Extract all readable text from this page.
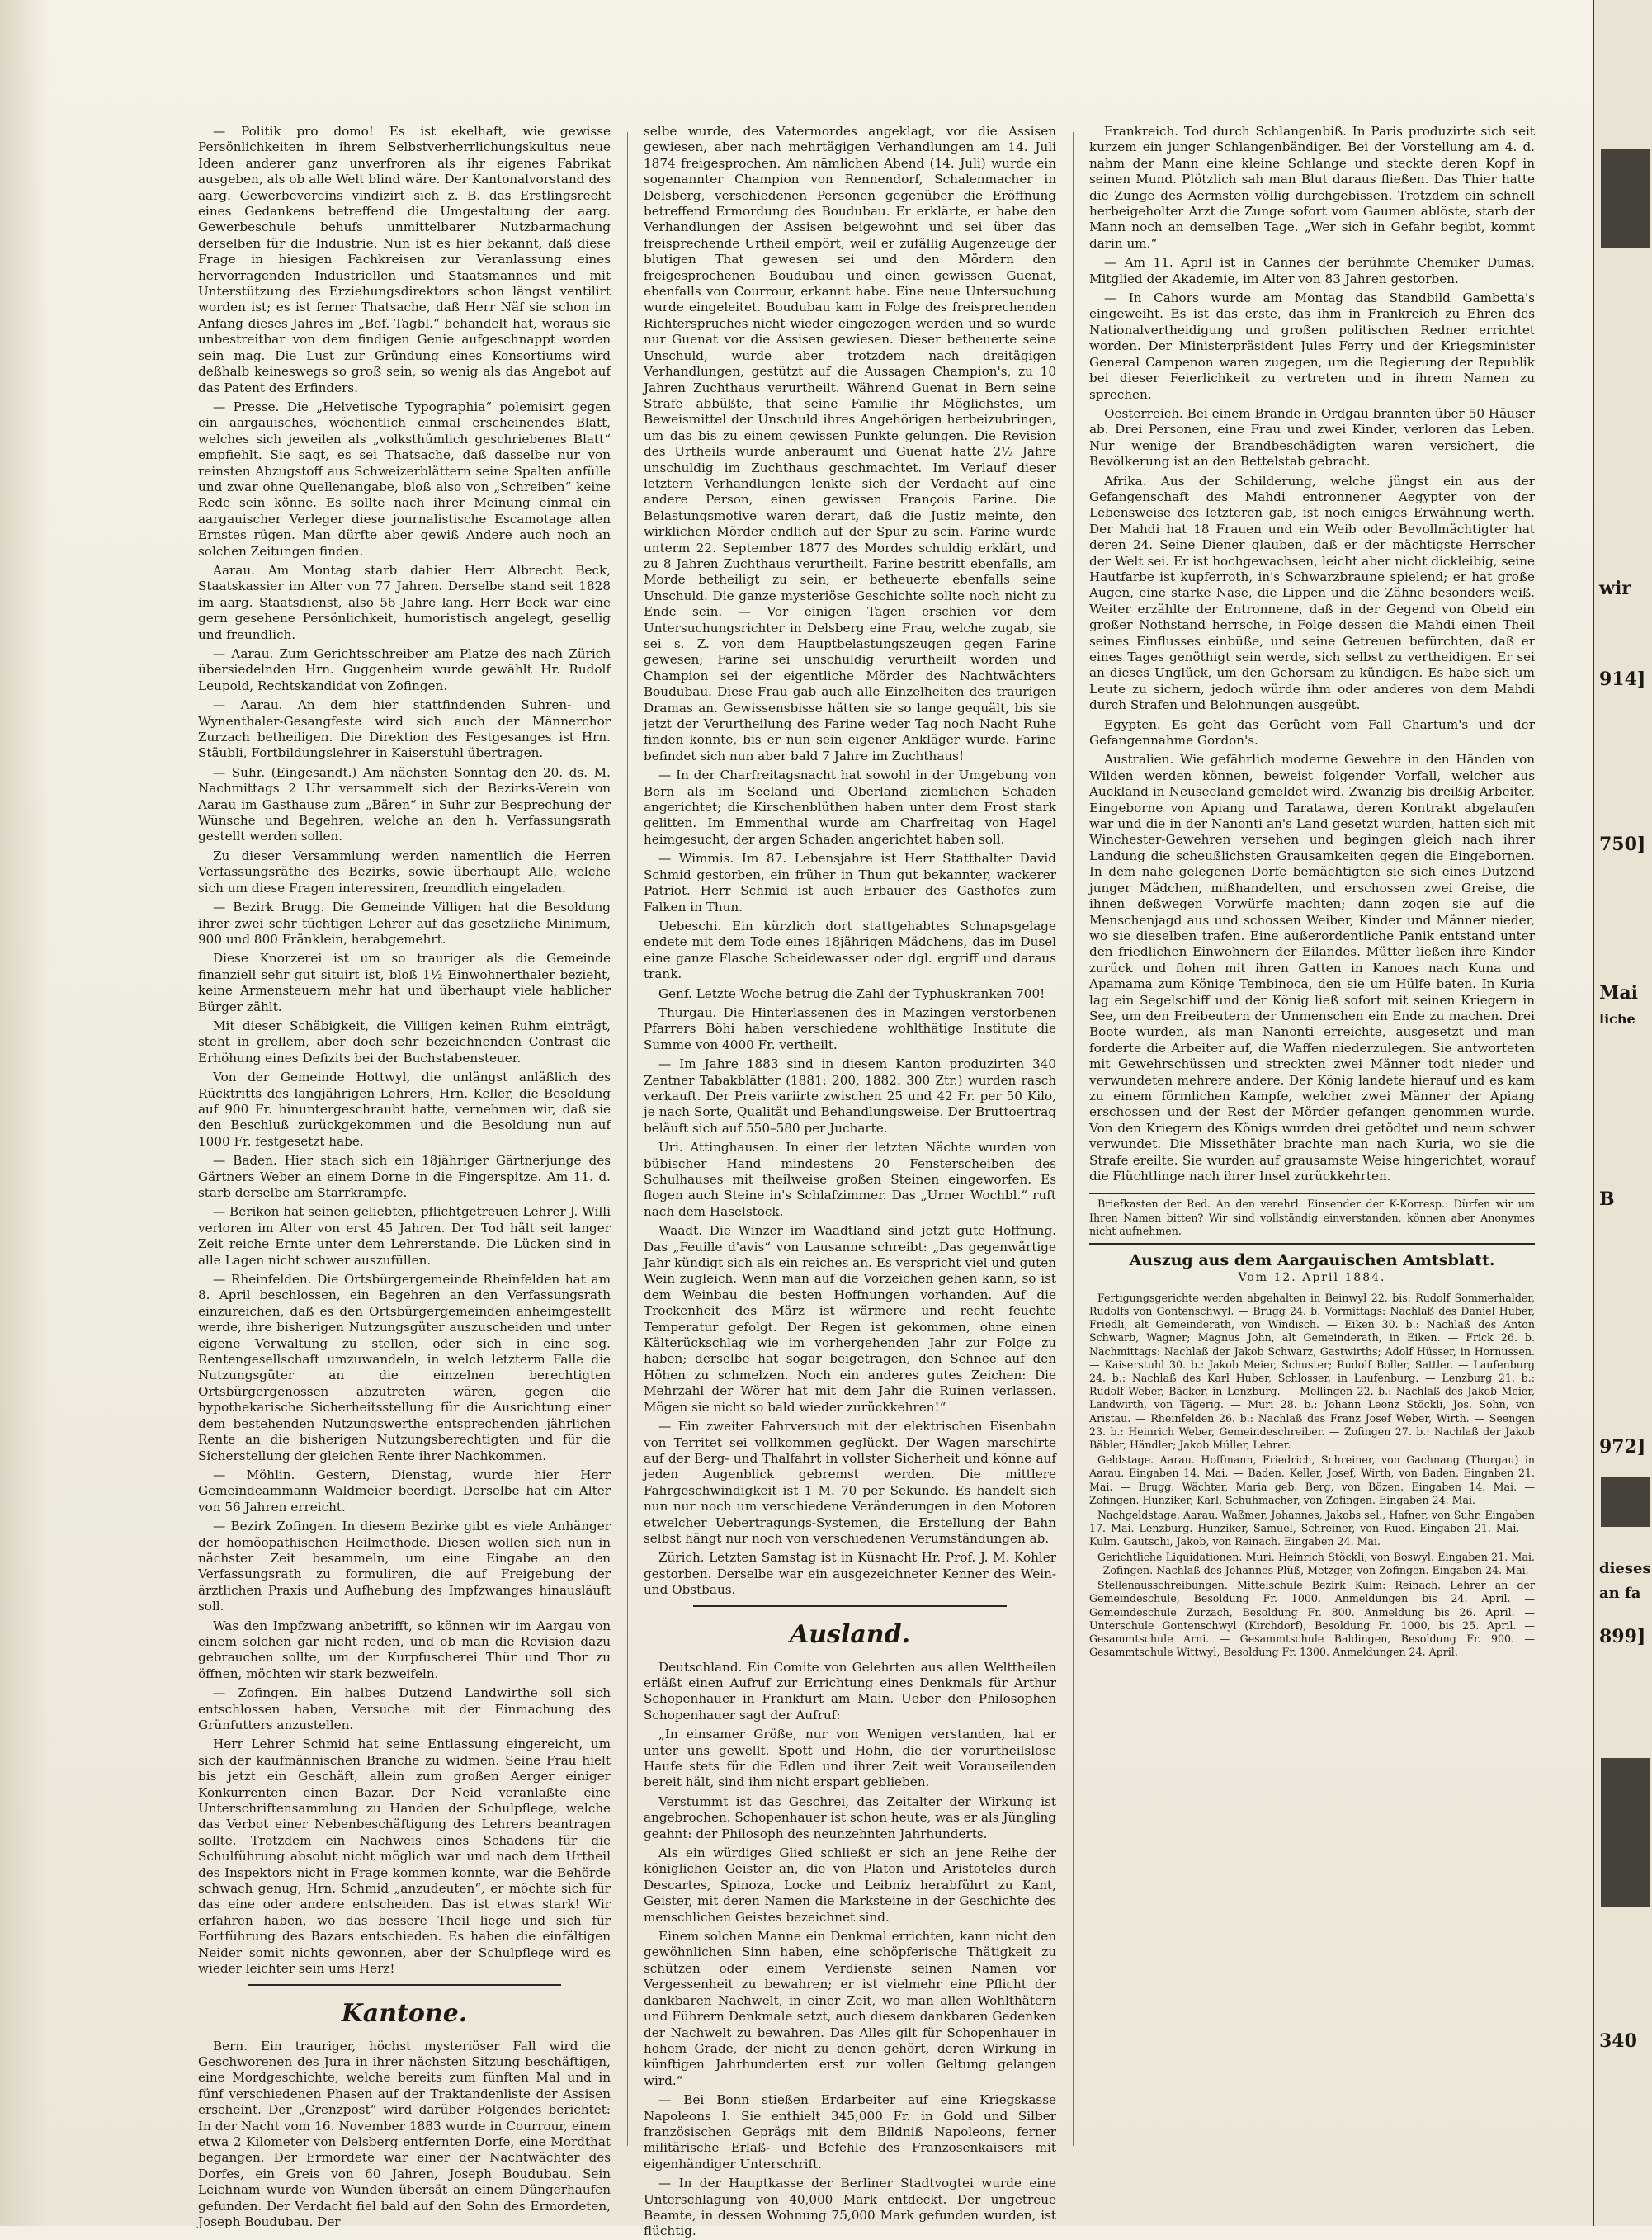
— Politik pro domo! Es ist ekelhaft, wie gewisse Persönlichkeiten in ihrem Selbstverherrlichungskultus neue Ideen anderer ganz unverfroren als ihr eigenes Fabrikat ausgeben, als ob alle Welt blind wäre. Der Kantonalvorstand des aarg. Gewerbevereins vindizirt sich z. B. das Erstlingsrecht eines Gedankens betreffend die Umgestaltung der aarg. Gewerbeschule behufs unmittelbarer Nutzbarmachung derselben für die Industrie. Nun ist es hier bekannt, daß diese Frage in hiesigen Fachkreisen zur Veranlassung eines hervorragenden Industriellen und Staatsmannes und mit Unterstützung des Erziehungsdirektors schon längst ventilirt worden ist; es ist ferner Thatsache, daß Herr Näf sie schon im Anfang dieses Jahres im „Bof. Tagbl.“ behandelt hat, woraus sie unbestreitbar von dem findigen Genie aufgeschnappt worden sein mag. Die Lust zur Gründung eines Konsortiums wird deßhalb keineswegs so groß sein, so wenig als das Angebot auf das Patent des Erfinders.

— Presse. Die „Helvetische Typographia“ polemisirt gegen ein aargauisches, wöchentlich einmal erscheinendes Blatt, welches sich jeweilen als „volksthümlich geschriebenes Blatt“ empfiehlt. Sie sagt, es sei Thatsache, daß dasselbe nur von reinsten Abzugstoff aus Schweizerblättern seine Spalten anfülle und zwar ohne Quellenangabe, bloß also von „Schreiben“ keine Rede sein könne. Es sollte nach ihrer Meinung einmal ein aargauischer Verleger diese journalistische Escamotage allen Ernstes rügen. Man dürfte aber gewiß Andere auch noch an solchen Zeitungen finden.

Aarau. Am Montag starb dahier Herr Albrecht Beck, Staatskassier im Alter von 77 Jahren. Derselbe stand seit 1828 im aarg. Staatsdienst, also 56 Jahre lang. Herr Beck war eine gern gesehene Persönlichkeit, humoristisch angelegt, gesellig und freundlich.

— Aarau. Zum Gerichtsschreiber am Platze des nach Zürich übersiedelnden Hrn. Guggenheim wurde gewählt Hr. Rudolf Leupold, Rechtskandidat von Zofingen.

— Aarau. An dem hier stattfindenden Suhren- und Wynenthaler-Gesangfeste wird sich auch der Männerchor Zurzach betheiligen. Die Direktion des Festgesanges ist Hrn. Stäubli, Fortbildungslehrer in Kaiserstuhl übertragen.

— Suhr. (Eingesandt.) Am nächsten Sonntag den 20. ds. M. Nachmittags 2 Uhr versammelt sich der Bezirks-Verein von Aarau im Gasthause zum „Bären“ in Suhr zur Besprechung der Wünsche und Begehren, welche an den h. Verfassungsrath gestellt werden sollen.

Zu dieser Versammlung werden namentlich die Herren Verfassungsräthe des Bezirks, sowie überhaupt Alle, welche sich um diese Fragen interessiren, freundlich eingeladen.

— Bezirk Brugg. Die Gemeinde Villigen hat die Besoldung ihrer zwei sehr tüchtigen Lehrer auf das gesetzliche Minimum, 900 und 800 Fränklein, herabgemehrt.

Diese Knorzerei ist um so trauriger als die Gemeinde finanziell sehr gut situirt ist, bloß 1½ Einwohnerthaler bezieht, keine Armensteuern mehr hat und überhaupt viele hablicher Bürger zählt.

Mit dieser Schäbigkeit, die Villigen keinen Ruhm einträgt, steht in grellem, aber doch sehr bezeichnenden Contrast die Erhöhung eines Defizits bei der Buchstabensteuer.

Von der Gemeinde Hottwyl, die unlängst anläßlich des Rücktritts des langjährigen Lehrers, Hrn. Keller, die Besoldung auf 900 Fr. hinuntergeschraubt hatte, vernehmen wir, daß sie den Beschluß zurückgekommen und die Besoldung nun auf 1000 Fr. festgesetzt habe.

— Baden. Hier stach sich ein 18jähriger Gärtnerjunge des Gärtners Weber an einem Dorne in die Fingerspitze. Am 11. d. starb derselbe am Starrkrampfe.

— Berikon hat seinen geliebten, pflichtgetreuen Lehrer J. Willi verloren im Alter von erst 45 Jahren. Der Tod hält seit langer Zeit reiche Ernte unter dem Lehrerstande. Die Lücken sind in alle Lagen nicht schwer auszufüllen.

— Rheinfelden. Die Ortsbürgergemeinde Rheinfelden hat am 8. April beschlossen, ein Begehren an den Verfassungsrath einzureichen, daß es den Ortsbürgergemeinden anheimgestellt werde, ihre bisherigen Nutzungsgüter auszuscheiden und unter eigene Verwaltung zu stellen, oder sich in eine sog. Rentengesellschaft umzuwandeln, in welch letzterm Falle die Nutzungsgüter an die einzelnen berechtigten Ortsbürgergenossen abzutreten wären, gegen die hypothekarische Sicherheitsstellung für die Ausrichtung einer dem bestehenden Nutzungswerthe entsprechenden jährlichen Rente an die bisherigen Nutzungsberechtigten und für die Sicherstellung der gleichen Rente ihrer Nachkommen.

— Möhlin. Gestern, Dienstag, wurde hier Herr Gemeindeammann Waldmeier beerdigt. Derselbe hat ein Alter von 56 Jahren erreicht.

— Bezirk Zofingen. In diesem Bezirke gibt es viele Anhänger der homöopathischen Heilmethode. Diesen wollen sich nun in nächster Zeit besammeln, um eine Eingabe an den Verfassungsrath zu formuliren, die auf Freigebung der ärztlichen Praxis und Aufhebung des Impfzwanges hinausläuft soll.

Was den Impfzwang anbetrifft, so können wir im Aargau von einem solchen gar nicht reden, und ob man die Revision dazu gebrauchen sollte, um der Kurpfuscherei Thür und Thor zu öffnen, möchten wir stark bezweifeln.

— Zofingen. Ein halbes Dutzend Landwirthe soll sich entschlossen haben, Versuche mit der Einmachung des Grünfutters anzustellen.

Herr Lehrer Schmid hat seine Entlassung eingereicht, um sich der kaufmännischen Branche zu widmen. Seine Frau hielt bis jetzt ein Geschäft, allein zum großen Aerger einiger Konkurrenten einen Bazar. Der Neid veranlaßte eine Unterschriftensammlung zu Handen der Schulpflege, welche das Verbot einer Nebenbeschäftigung des Lehrers beantragen sollte. Trotzdem ein Nachweis eines Schadens für die Schulführung absolut nicht möglich war und nach dem Urtheil des Inspektors nicht in Frage kommen konnte, war die Behörde schwach genug, Hrn. Schmid „anzudeuten“, er möchte sich für das eine oder andere entscheiden. Das ist etwas stark! Wir erfahren haben, wo das bessere Theil liege und sich für Fortführung des Bazars entschieden. Es haben die einfältigen Neider somit nichts gewonnen, aber der Schulpflege wird es wieder leichter sein ums Herz!

Kantone.

Bern. Ein trauriger, höchst mysteriöser Fall wird die Geschworenen des Jura in ihrer nächsten Sitzung beschäftigen, eine Mordgeschichte, welche bereits zum fünften Mal und in fünf verschiedenen Phasen auf der Traktandenliste der Assisen erscheint. Der „Grenzpost“ wird darüber Folgendes berichtet: In der Nacht vom 16. November 1883 wurde in Courrour, einem etwa 2 Kilometer von Delsberg entfernten Dorfe, eine Mordthat begangen. Der Ermordete war einer der Nachtwächter des Dorfes, ein Greis von 60 Jahren, Joseph Boudubau. Sein Leichnam wurde von Wunden übersät an einem Düngerhaufen gefunden. Der Verdacht fiel bald auf den Sohn des Ermordeten, Joseph Boudubau. Der

selbe wurde, des Vatermordes angeklagt, vor die Assisen gewiesen, aber nach mehrtägigen Verhandlungen am 14. Juli 1874 freigesprochen. Am nämlichen Abend (14. Juli) wurde ein sogenannter Champion von Rennendorf, Schalenmacher in Delsberg, verschiedenen Personen gegenüber die Eröffnung betreffend Ermordung des Boudubau. Er erklärte, er habe den Verhandlungen der Assisen beigewohnt und sei über das freisprechende Urtheil empört, weil er zufällig Augenzeuge der blutigen That gewesen sei und den Mördern den freigesprochenen Boudubau und einen gewissen Guenat, ebenfalls von Courrour, erkannt habe. Eine neue Untersuchung wurde eingeleitet. Boudubau kam in Folge des freisprechenden Richterspruches nicht wieder eingezogen werden und so wurde nur Guenat vor die Assisen gewiesen. Dieser betheuerte seine Unschuld, wurde aber trotzdem nach dreitägigen Verhandlungen, gestützt auf die Aussagen Champion's, zu 10 Jahren Zuchthaus verurtheilt. Während Guenat in Bern seine Strafe abbüßte, that seine Familie ihr Möglichstes, um Beweismittel der Unschuld ihres Angehörigen herbeizubringen, um das bis zu einem gewissen Punkte gelungen. Die Revision des Urtheils wurde anberaumt und Guenat hatte 2½ Jahre unschuldig im Zuchthaus geschmachtet. Im Verlauf dieser letztern Verhandlungen lenkte sich der Verdacht auf eine andere Person, einen gewissen François Farine. Die Belastungsmotive waren derart, daß die Justiz meinte, den wirklichen Mörder endlich auf der Spur zu sein. Farine wurde unterm 22. September 1877 des Mordes schuldig erklärt, und zu 8 Jahren Zuchthaus verurtheilt. Farine bestritt ebenfalls, am Morde betheiligt zu sein; er betheuerte ebenfalls seine Unschuld. Die ganze mysteriöse Geschichte sollte noch nicht zu Ende sein. — Vor einigen Tagen erschien vor dem Untersuchungsrichter in Delsberg eine Frau, welche zugab, sie sei s. Z. von dem Hauptbelastungszeugen gegen Farine gewesen; Farine sei unschuldig verurtheilt worden und Champion sei der eigentliche Mörder des Nachtwächters Boudubau. Diese Frau gab auch alle Einzelheiten des traurigen Dramas an. Gewissensbisse hätten sie so lange gequält, bis sie jetzt der Verurtheilung des Farine weder Tag noch Nacht Ruhe finden konnte, bis er nun sein eigener Ankläger wurde. Farine befindet sich nun aber bald 7 Jahre im Zuchthaus!

— In der Charfreitagsnacht hat sowohl in der Umgebung von Bern als im Seeland und Oberland ziemlichen Schaden angerichtet; die Kirschenblüthen haben unter dem Frost stark gelitten. Im Emmenthal wurde am Charfreitag von Hagel heimgesucht, der argen Schaden angerichtet haben soll.

— Wimmis. Im 87. Lebensjahre ist Herr Statthalter David Schmid gestorben, ein früher in Thun gut bekannter, wackerer Patriot. Herr Schmid ist auch Erbauer des Gasthofes zum Falken in Thun.

Uebeschi. Ein kürzlich dort stattgehabtes Schnapsgelage endete mit dem Tode eines 18jährigen Mädchens, das im Dusel eine ganze Flasche Scheidewasser oder dgl. ergriff und daraus trank.

Genf. Letzte Woche betrug die Zahl der Typhuskranken 700!

Thurgau. Die Hinterlassenen des in Mazingen verstorbenen Pfarrers Böhi haben verschiedene wohlthätige Institute die Summe von 4000 Fr. vertheilt.

— Im Jahre 1883 sind in diesem Kanton produzirten 340 Zentner Tabakblätter (1881: 200, 1882: 300 Ztr.) wurden rasch verkauft. Der Preis variirte zwischen 25 und 42 Fr. per 50 Kilo, je nach Sorte, Qualität und Behandlungsweise. Der Bruttoertrag beläuft sich auf 550–580 per Jucharte.

Uri. Attinghausen. In einer der letzten Nächte wurden von bübischer Hand mindestens 20 Fensterscheiben des Schulhauses mit theilweise großen Steinen eingeworfen. Es flogen auch Steine in's Schlafzimmer. Das „Urner Wochbl.“ ruft nach dem Haselstock.

Waadt. Die Winzer im Waadtland sind jetzt gute Hoffnung. Das „Feuille d'avis“ von Lausanne schreibt: „Das gegenwärtige Jahr kündigt sich als ein reiches an. Es verspricht viel und guten Wein zugleich. Wenn man auf die Vorzeichen gehen kann, so ist dem Weinbau die besten Hoffnungen vorhanden. Auf die Trockenheit des März ist wärmere und recht feuchte Temperatur gefolgt. Der Regen ist gekommen, ohne einen Kälterückschlag wie im vorhergehenden Jahr zur Folge zu haben; derselbe hat sogar beigetragen, den Schnee auf den Höhen zu schmelzen. Noch ein anderes gutes Zeichen: Die Mehrzahl der Wörer hat mit dem Jahr die Ruinen verlassen. Mögen sie nicht so bald wieder zurückkehren!“

— Ein zweiter Fahrversuch mit der elektrischen Eisenbahn von Territet sei vollkommen geglückt. Der Wagen marschirte auf der Berg- und Thalfahrt in vollster Sicherheit und könne auf jeden Augenblick gebremst werden. Die mittlere Fahrgeschwindigkeit ist 1 M. 70 per Sekunde. Es handelt sich nun nur noch um verschiedene Veränderungen in den Motoren etwelcher Uebertragungs-Systemen, die Erstellung der Bahn selbst hängt nur noch von verschiedenen Verumständungen ab.

Zürich. Letzten Samstag ist in Küsnacht Hr. Prof. J. M. Kohler gestorben. Derselbe war ein ausgezeichneter Kenner des Wein- und Obstbaus.

Ausland.

Deutschland. Ein Comite von Gelehrten aus allen Welttheilen erläßt einen Aufruf zur Errichtung eines Denkmals für Arthur Schopenhauer in Frankfurt am Main. Ueber den Philosophen Schopenhauer sagt der Aufruf:

„In einsamer Größe, nur von Wenigen verstanden, hat er unter uns gewellt. Spott und Hohn, die der vorurtheilslose Haufe stets für die Edlen und ihrer Zeit weit Vorauseilenden bereit hält, sind ihm nicht erspart geblieben.

Verstummt ist das Geschrei, das Zeitalter der Wirkung ist angebrochen. Schopenhauer ist schon heute, was er als Jüngling geahnt: der Philosoph des neunzehnten Jahrhunderts.

Als ein würdiges Glied schließt er sich an jene Reihe der königlichen Geister an, die von Platon und Aristoteles durch Descartes, Spinoza, Locke und Leibniz herabführt zu Kant, Geister, mit deren Namen die Marksteine in der Geschichte des menschlichen Geistes bezeichnet sind.

Einem solchen Manne ein Denkmal errichten, kann nicht den gewöhnlichen Sinn haben, eine schöpferische Thätigkeit zu schützen oder einem Verdienste seinen Namen vor Vergessenheit zu bewahren; er ist vielmehr eine Pflicht der dankbaren Nachwelt, in einer Zeit, wo man allen Wohlthätern und Führern Denkmale setzt, auch diesem dankbaren Gedenken der Nachwelt zu bewahren. Das Alles gilt für Schopenhauer in hohem Grade, der nicht zu denen gehört, deren Wirkung in künftigen Jahrhunderten erst zur vollen Geltung gelangen wird.“

— Bei Bonn stießen Erdarbeiter auf eine Kriegskasse Napoleons I. Sie enthielt 345,000 Fr. in Gold und Silber französischen Geprägs mit dem Bildniß Napoleons, ferner militärische Erlaß- und Befehle des Franzosenkaisers mit eigenhändiger Unterschrift.

— In der Hauptkasse der Berliner Stadtvogtei wurde eine Unterschlagung von 40,000 Mark entdeckt. Der ungetreue Beamte, in dessen Wohnung 75,000 Mark gefunden wurden, ist flüchtig.

Frankreich. Tod durch Schlangenbiß. In Paris produzirte sich seit kurzem ein junger Schlangenbändiger. Bei der Vorstellung am 4. d. nahm der Mann eine kleine Schlange und steckte deren Kopf in seinen Mund. Plötzlich sah man Blut daraus fließen. Das Thier hatte die Zunge des Aermsten völlig durchgebissen. Trotzdem ein schnell herbeigeholter Arzt die Zunge sofort vom Gaumen ablöste, starb der Mann noch an demselben Tage. „Wer sich in Gefahr begibt, kommt darin um.“

— Am 11. April ist in Cannes der berühmte Chemiker Dumas, Mitglied der Akademie, im Alter von 83 Jahren gestorben.

— In Cahors wurde am Montag das Standbild Gambetta's eingeweiht. Es ist das erste, das ihm in Frankreich zu Ehren des Nationalvertheidigung und großen politischen Redner errichtet worden. Der Ministerpräsident Jules Ferry und der Kriegsminister General Campenon waren zugegen, um die Regierung der Republik bei dieser Feierlichkeit zu vertreten und in ihrem Namen zu sprechen.

Oesterreich. Bei einem Brande in Ordgau brannten über 50 Häuser ab. Drei Personen, eine Frau und zwei Kinder, verloren das Leben. Nur wenige der Brandbeschädigten waren versichert, die Bevölkerung ist an den Bettelstab gebracht.

Afrika. Aus der Schilderung, welche jüngst ein aus der Gefangenschaft des Mahdi entronnener Aegypter von der Lebensweise des letzteren gab, ist noch einiges Erwähnung werth. Der Mahdi hat 18 Frauen und ein Weib oder Bevollmächtigter hat deren 24. Seine Diener glauben, daß er der mächtigste Herrscher der Welt sei. Er ist hochgewachsen, leicht aber nicht dickleibig, seine Hautfarbe ist kupferroth, in's Schwarzbraune spielend; er hat große Augen, eine starke Nase, die Lippen und die Zähne besonders weiß. Weiter erzählte der Entronnene, daß in der Gegend von Obeid ein großer Nothstand herrsche, in Folge dessen die Mahdi einen Theil seines Einflusses einbüße, und seine Getreuen befürchten, daß er eines Tages genöthigt sein werde, sich selbst zu vertheidigen. Er sei an dieses Unglück, um den Gehorsam zu kündigen. Es habe sich um Leute zu sichern, jedoch würde ihm oder anderes von dem Mahdi durch Strafen und Belohnungen ausgeübt.

Egypten. Es geht das Gerücht vom Fall Chartum's und der Gefangennahme Gordon's.

Australien. Wie gefährlich moderne Gewehre in den Händen von Wilden werden können, beweist folgender Vorfall, welcher aus Auckland in Neuseeland gemeldet wird. Zwanzig bis dreißig Arbeiter, Eingeborne von Apiang und Taratawa, deren Kontrakt abgelaufen war und die in der Nanonti an's Land gesetzt wurden, hatten sich mit Winchester-Gewehren versehen und begingen gleich nach ihrer Landung die scheußlichsten Grausamkeiten gegen die Eingebornen. In dem nahe gelegenen Dorfe bemächtigten sie sich eines Dutzend junger Mädchen, mißhandelten, und erschossen zwei Greise, die ihnen deßwegen Vorwürfe machten; dann zogen sie auf die Menschenjagd aus und schossen Weiber, Kinder und Männer nieder, wo sie dieselben trafen. Eine außerordentliche Panik entstand unter den friedlichen Einwohnern der Eilandes. Mütter ließen ihre Kinder zurück und flohen mit ihren Gatten in Kanoes nach Kuna und Apamama zum Könige Tembinoca, den sie um Hülfe baten. In Kuria lag ein Segelschiff und der König ließ sofort mit seinen Kriegern in See, um den Freibeutern der Unmenschen ein Ende zu machen. Drei Boote wurden, als man Nanonti erreichte, ausgesetzt und man forderte die Arbeiter auf, die Waffen niederzulegen. Sie antworteten mit Gewehrschüssen und streckten zwei Männer todt nieder und verwundeten mehrere andere. Der König landete hierauf und es kam zu einem förmlichen Kampfe, welcher zwei Männer der Apiang erschossen und der Rest der Mörder gefangen genommen wurde. Von den Kriegern des Königs wurden drei getödtet und neun schwer verwundet. Die Missethäter brachte man nach Kuria, wo sie die Strafe ereilte. Sie wurden auf grausamste Weise hingerichtet, worauf die Flüchtlinge nach ihrer Insel zurückkehrten.

Briefkasten der Red. An den verehrl. Einsender der K-Korresp.: Dürfen wir um Ihren Namen bitten? Wir sind vollständig einverstanden, können aber Anonymes nicht aufnehmen.

Auszug aus dem Aargauischen Amtsblatt.
Vom 12. April 1884.

Fertigungsgerichte werden abgehalten in Beinwyl 22. bis: Rudolf Sommerhalder, Rudolfs von Gontenschwyl. — Brugg 24. b. Vormittags: Nachlaß des Daniel Huber, Friedli, alt Gemeinderath, von Windisch. — Eiken 30. b.: Nachlaß des Anton Schwarb, Wagner; Magnus John, alt Gemeinderath, in Eiken. — Frick 26. b. Nachmittags: Nachlaß der Jakob Schwarz, Gastwirths; Adolf Hüsser, in Hornussen. — Kaiserstuhl 30. b.: Jakob Meier, Schuster; Rudolf Boller, Sattler. — Laufenburg 24. b.: Nachlaß des Karl Huber, Schlosser, in Laufenburg. — Lenzburg 21. b.: Rudolf Weber, Bäcker, in Lenzburg. — Mellingen 22. b.: Nachlaß des Jakob Meier, Landwirth, von Tägerig. — Muri 28. b.: Johann Leonz Stöckli, Jos. Sohn, von Aristau. — Rheinfelden 26. b.: Nachlaß des Franz Josef Weber, Wirth. — Seengen 23. b.: Heinrich Weber, Gemeindeschreiber. — Zofingen 27. b.: Nachlaß der Jakob Bäbler, Händler; Jakob Müller, Lehrer.

Geldstage. Aarau. Hoffmann, Friedrich, Schreiner, von Gachnang (Thurgau) in Aarau. Eingaben 14. Mai. — Baden. Keller, Josef, Wirth, von Baden. Eingaben 21. Mai. — Brugg. Wächter, Maria geb. Berg, von Bözen. Eingaben 14. Mai. — Zofingen. Hunziker, Karl, Schuhmacher, von Zofingen. Eingaben 24. Mai.

Nachgeldstage. Aarau. Waßmer, Johannes, Jakobs sel., Hafner, von Suhr. Eingaben 17. Mai. Lenzburg. Hunziker, Samuel, Schreiner, von Rued. Eingaben 21. Mai. — Kulm. Gautschi, Jakob, von Reinach. Eingaben 24. Mai.

Gerichtliche Liquidationen. Muri. Heinrich Stöckli, von Boswyl. Eingaben 21. Mai. — Zofingen. Nachlaß des Johannes Plüß, Metzger, von Zofingen. Eingaben 24. Mai.

Stellenausschreibungen. Mittelschule Bezirk Kulm: Reinach. Lehrer an der Gemeindeschule, Besoldung Fr. 1000. Anmeldungen bis 24. April. — Gemeindeschule Zurzach, Besoldung Fr. 800. Anmeldung bis 26. April. — Unterschule Gontenschwyl (Kirchdorf), Besoldung Fr. 1000, bis 25. April. — Gesammtschule Arni. — Gesammtschule Baldingen, Besoldung Fr. 900. — Gesammtschule Wittwyl, Besoldung Fr. 1300. Anmeldungen 24. April.

wir
914]
750]
Mai
liche
B
972]
dieses
an fa
899]
340
